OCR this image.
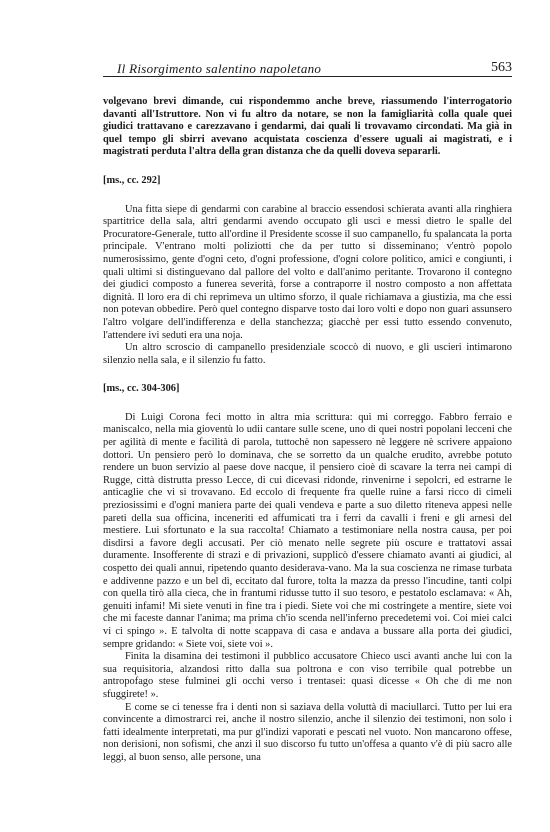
Il Risorgimento salentino napoletano	563

volgevano brevi dimande, cui rispondemmo anche breve, riassumendo l'interrogatorio davanti all'Istruttore. Non vi fu altro da notare, se non la famigliarità colla quale quei giudici trattavano e carezzavano i gendarmi, dai quali li trovavamo circondati. Ma già in quel tempo gli sbirri avevano acquistata coscienza d'essere uguali ai magistrati, e i magistrati perduta l'altra della gran distanza che da quelli doveva separarli.

[ms., cc. 292]

Una fitta siepe di gendarmi con carabine al braccio essendosi schierata avanti alla ringhiera spartitrice della sala, altri gendarmi avendo occupato gli usci e messi dietro le spalle del Procuratore-Generale, tutto all'ordine il Presidente scosse il suo campanello, fu spalancata la porta principale. V'entrano molti poliziotti che da per tutto si disseminano; v'entrò popolo numerosissimo, gente d'ogni ceto, d'ogni professione, d'ogni colore politico, amici e congiunti, i quali ultimi si distinguevano dal pallore del volto e dall'animo peritante. Trovarono il contegno dei giudici composto a funerea severità, forse a contraporre il nostro composto a non affettata dignità. Il loro era di chi reprimeva un ultimo sforzo, il quale richiamava a giustizia, ma che essi non potevan obbedire. Però quel contegno disparve tosto dai loro volti e dopo non guari assunsero l'altro volgare dell'indifferenza e della stanchezza; giacchè per essi tutto essendo convenuto, l'attendere ivi seduti era una noja.

Un altro scroscio di campanello presidenziale scoccò di nuovo, e gli uscieri intimarono silenzio nella sala, e il silenzio fu fatto.

[ms., cc. 304-306]

Di Luigi Corona feci motto in altra mia scrittura: qui mi correggo. Fabbro ferraio e maniscalco, nella mia gioventù lo udii cantare sulle scene, uno di quei nostri popolani lecceni che per agilità di mente e facilità di parola, tuttochè non sapessero nè leggere nè scrivere appaiono dottori. Un pensiero però lo dominava, che se sorretto da un qualche erudito, avrebbe potuto rendere un buon servizio al paese dove nacque, il pensiero cioè di scavare la terra nei campi di Rugge, città distrutta presso Lecce, di cui dicevasi ridonde, rinvenirne i sepolcri, ed estrarne le anticaglie che vi si trovavano. Ed eccolo di frequente fra quelle ruine a farsi ricco di cimeli preziosissimi e d'ogni maniera parte dei quali vendeva e parte a suo diletto riteneva appesi nelle pareti della sua officina, inceneriti ed affumicati tra i ferri da cavalli i freni e gli arnesi del mestiere. Lui sfortunato e la sua raccolta! Chiamato a testimoniare nella nostra causa, per poi disdirsi a favore degli accusati. Per ciò menato nelle segrete più oscure e trattatovi assai duramente. Insofferente di strazi e di privazioni, supplicò d'essere chiamato avanti ai giudici, al cospetto dei quali annui, ripetendo quanto desiderava-vano. Ma la sua coscienza ne rimase turbata e addivenne pazzo e un bel dì, eccitato dal furore, tolta la mazza da presso l'incudine, tanti colpi con quella tirò alla cieca, che in frantumi ridusse tutto il suo tesoro, e pestatolo esclamava: « Ah, genuiti infami! Mi siete venuti in fine tra i piedi. Siete voi che mi costringete a mentire, siete voi che mi faceste dannar l'anima; ma prima ch'io scenda nell'inferno precedetemi voi. Coi miei calci vi ci spingo ». E talvolta di notte scappava di casa e andava a bussare alla porta dei giudici, sempre gridando: « Siete voi, siete voi ».

Finita la disamina dei testimoni il pubblico accusatore Chieco usci avanti anche lui con la sua requisitoria, alzandosi ritto dalla sua poltrona e con viso terribile qual potrebbe un antropofago stese fulminei gli occhi verso i trentasei: quasi dicesse « Oh che di me non sfuggirete! ».

E come se ci tenesse fra i denti non si saziava della voluttà di maciullarci. Tutto per lui era convincente a dimostrarci rei, anche il nostro silenzio, anche il silenzio dei testimoni, non solo i fatti idealmente interpretati, ma pur gl'indizi vaporati e pescati nel vuoto. Non mancarono offese, non derisioni, non sofismi, che anzi il suo discorso fu tutto un'offesa a quanto v'è di più sacro alle leggi, al buon senso, alle persone, una
